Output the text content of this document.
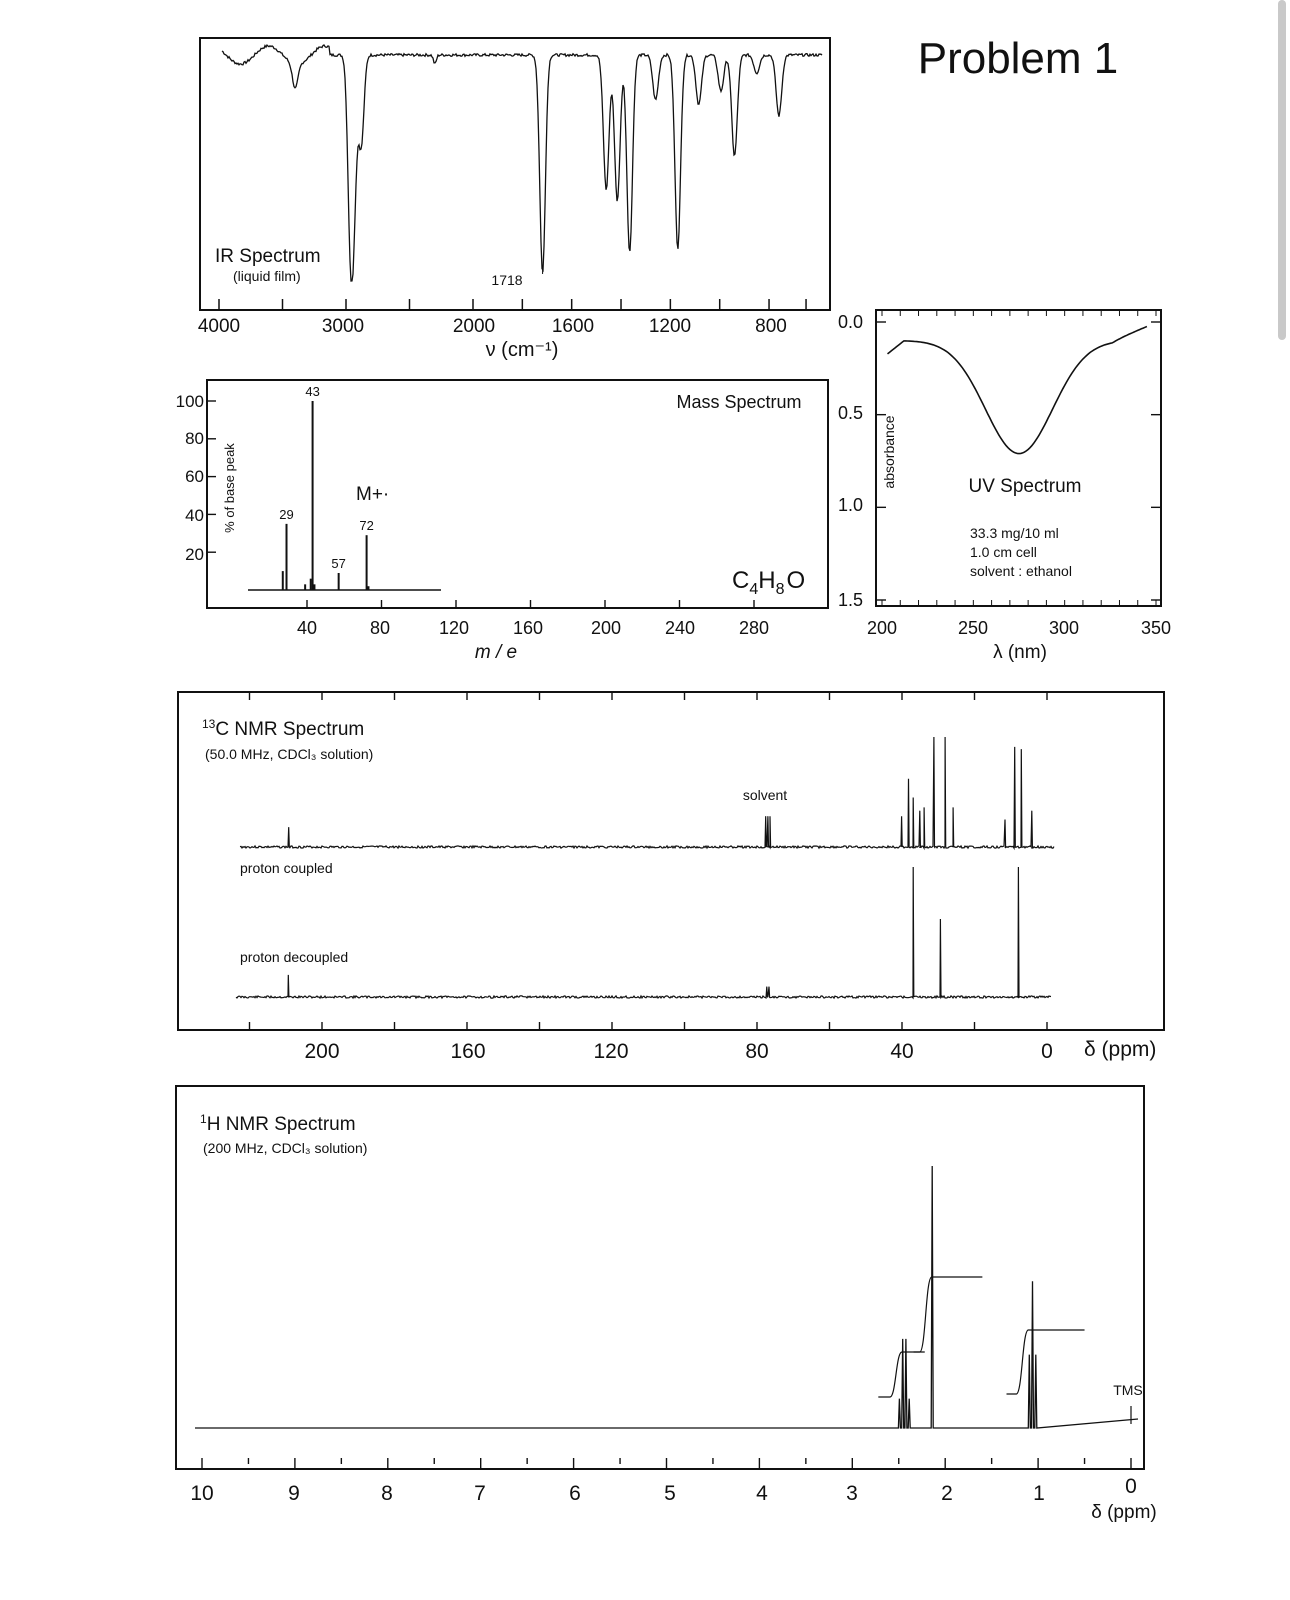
Problem 1
IR Spectrum
(liquid film)	1718
4000	3000	2000	1600	1200	800
ν (cm⁻¹)
Mass Spectrum
% of base peak
100
80
60
40
20
29
43
57
72
M+·
$C_4H_8O$
40	80	120 160	200 240 280
m / e
absorbance
0.0
0.5
1.0
1.5
UV Spectrum
33.3 mg/10 ml
1.0 cm cell
solvent : ethanol
200	250	300	350
λ (nm)
$^{13}$C NMR Spectrum
(50.0 MHz, CDCl₃ solution)
solvent
proton coupled
proton decoupled
200	160	120	80	40	0 δ (ppm)
$^1$H NMR Spectrum
(200 MHz, CDCl₃ solution)
TMS
10	9	8	7	6	5	4	3	2	1	0
δ (ppm)
